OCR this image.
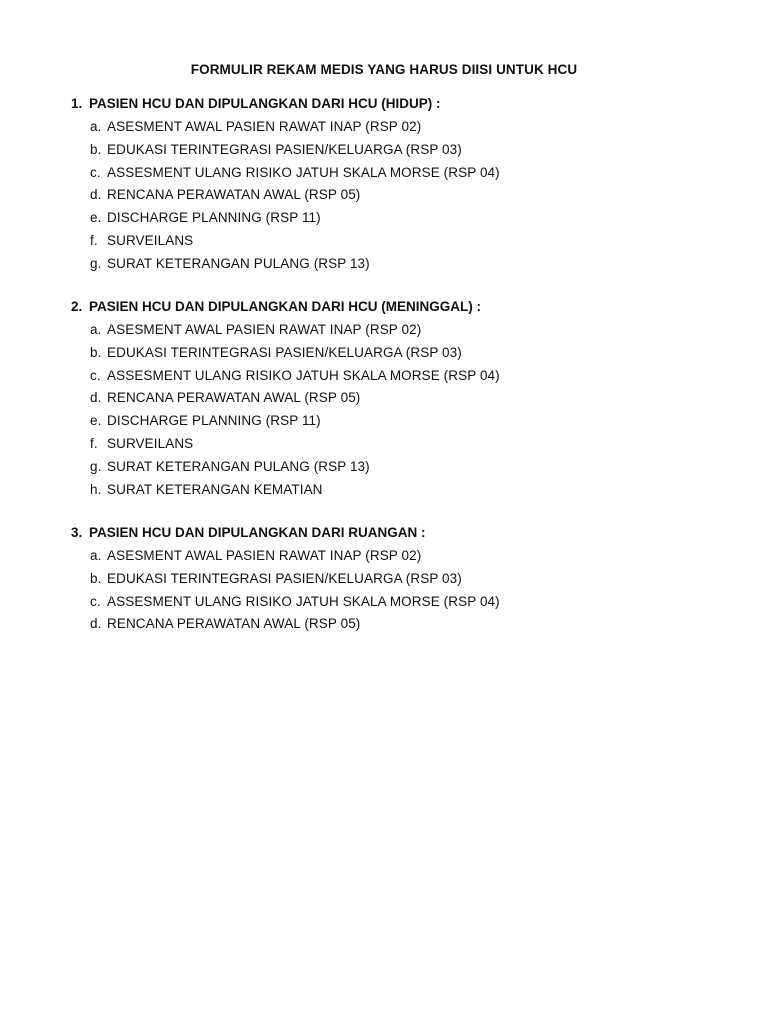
FORMULIR REKAM MEDIS YANG HARUS DIISI UNTUK HCU
1. PASIEN HCU DAN DIPULANGKAN DARI HCU (HIDUP) :
a. ASESMENT AWAL PASIEN RAWAT INAP (RSP 02)
b. EDUKASI TERINTEGRASI PASIEN/KELUARGA (RSP 03)
c. ASSESMENT ULANG RISIKO JATUH SKALA MORSE (RSP 04)
d. RENCANA PERAWATAN AWAL (RSP 05)
e. DISCHARGE PLANNING (RSP 11)
f. SURVEILANS
g. SURAT KETERANGAN PULANG (RSP 13)
2. PASIEN HCU DAN DIPULANGKAN DARI HCU (MENINGGAL) :
a. ASESMENT AWAL PASIEN RAWAT INAP (RSP 02)
b. EDUKASI TERINTEGRASI PASIEN/KELUARGA (RSP 03)
c. ASSESMENT ULANG RISIKO JATUH SKALA MORSE (RSP 04)
d. RENCANA PERAWATAN AWAL (RSP 05)
e. DISCHARGE PLANNING (RSP 11)
f. SURVEILANS
g. SURAT KETERANGAN PULANG (RSP 13)
h. SURAT KETERANGAN KEMATIAN
3. PASIEN HCU DAN DIPULANGKAN DARI RUANGAN :
a. ASESMENT AWAL PASIEN RAWAT INAP (RSP 02)
b. EDUKASI TERINTEGRASI PASIEN/KELUARGA (RSP 03)
c. ASSESMENT ULANG RISIKO JATUH SKALA MORSE (RSP 04)
d. RENCANA PERAWATAN AWAL (RSP 05)
